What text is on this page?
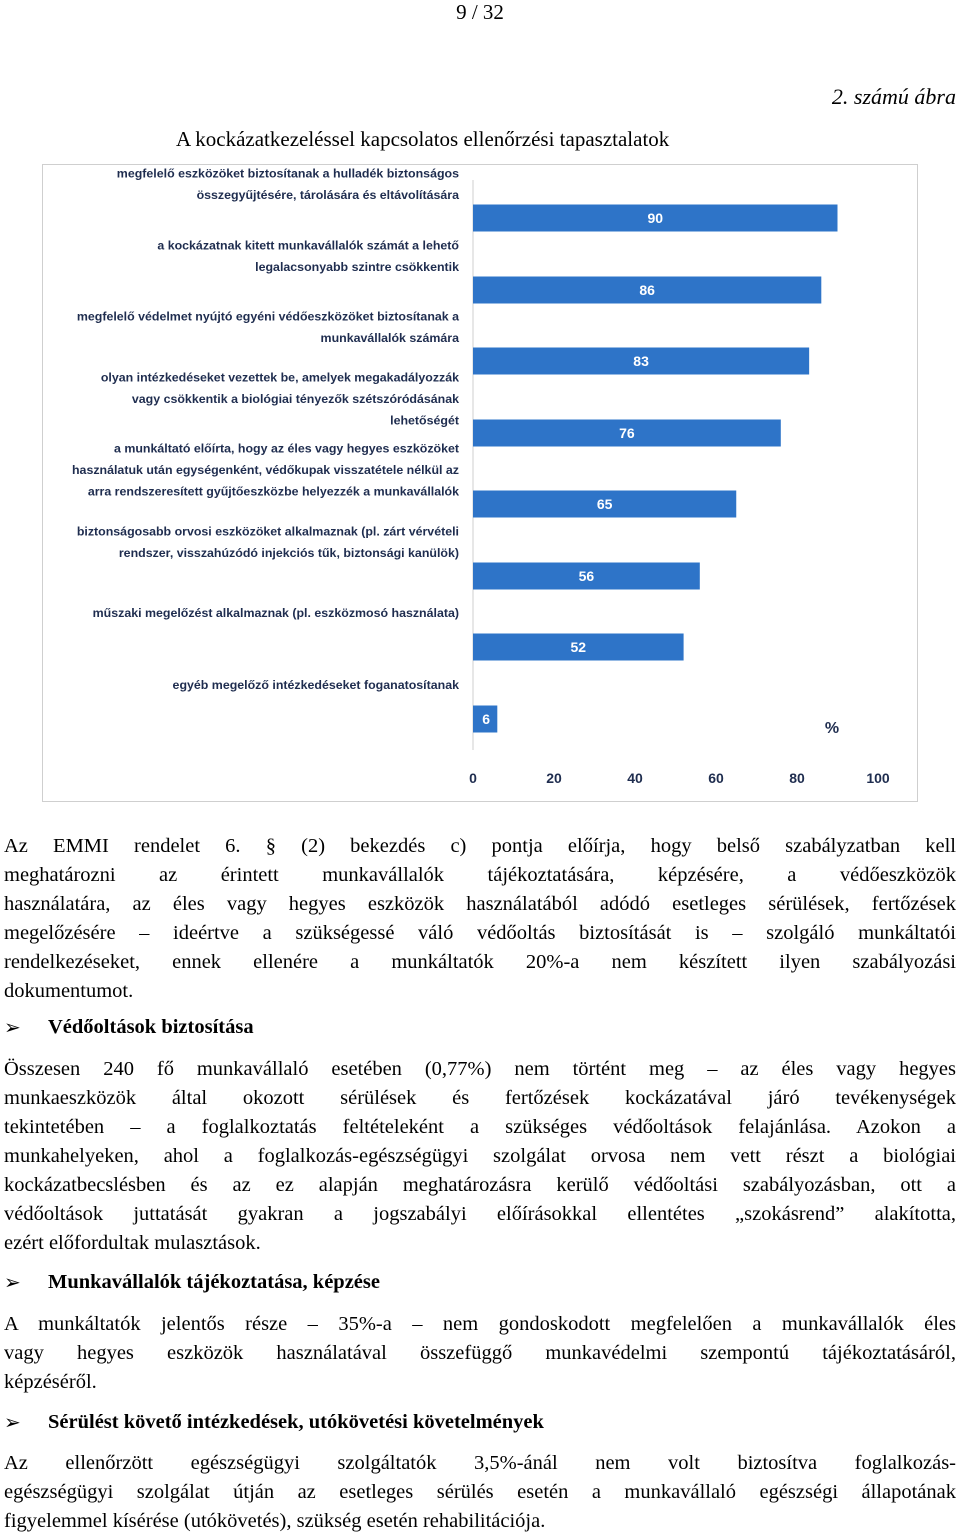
9 / 32
2. számú ábra
A kockázatkezeléssel kapcsolatos ellenőrzési tapasztalatok
90
86
83
76
65
56
52
6
megfelelő eszközöket biztosítanak a hulladék biztonságos
összegyűjtésére, tárolására és eltávolítására
a kockázatnak kitett munkavállalók számát a lehető
legalacsonyabb szintre csökkentik
megfelelő védelmet nyújtó egyéni védőeszközöket biztosítanak a
munkavállalók számára
olyan intézkedéseket vezettek be, amelyek megakadályozzák
vagy csökkentik a biológiai tényezők szétszóródásának
lehetőségét
a munkáltató előírta, hogy az éles vagy hegyes eszközöket
használatuk után egységenként, védőkupak visszatétele nélkül az
arra rendszeresített gyűjtőeszközbe helyezzék a munkavállalók
biztonságosabb orvosi eszközöket alkalmaznak (pl. zárt vérvételi
rendszer, visszahúzódó injekciós tűk, biztonsági kanülök)
műszaki megelőzést alkalmaznak (pl. eszközmosó használata)
egyéb megelőző intézkedéseket foganatosítanak
0	20	40	60	80	100
%

Az EMMI rendelet 6. § (2) bekezdés c) pontja előírja, hogy belső szabályzatban kell

meghatározni az érintett munkavállalók tájékoztatására, képzésére, a védőeszközök

használatára, az éles vagy hegyes eszközök használatából adódó esetleges sérülések, fertőzések

megelőzésére – ideértve a szükségessé váló védőoltás biztosítását is – szolgáló munkáltatói

rendelkezéseket, ennek ellenére a munkáltatók 20%-a nem készített ilyen szabályozási

dokumentumot.

➢	Védőoltások biztosítása

Összesen 240 fő munkavállaló esetében (0,77%) nem történt meg – az éles vagy hegyes

munkaeszközök által okozott sérülések és fertőzések kockázatával járó tevékenységek

tekintetében – a foglalkoztatás feltételeként a szükséges védőoltások felajánlása. Azokon a

munkahelyeken, ahol a foglalkozás-egészségügyi szolgálat orvosa nem vett részt a biológiai

kockázatbecslésben és az ez alapján meghatározásra kerülő védőoltási szabályozásban, ott a

védőoltások juttatását gyakran a jogszabályi előírásokkal ellentétes „szokásrend” alakította,

ezért előfordultak mulasztások.

➢	Munkavállalók tájékoztatása, képzése

A munkáltatók jelentős része – 35%-a – nem gondoskodott megfelelően a munkavállalók éles

vagy hegyes eszközök használatával összefüggő munkavédelmi szempontú tájékoztatásáról,

képzéséről.

➢	Sérülést követő intézkedések, utókövetési követelmények

Az ellenőrzött egészségügyi szolgáltatók 3,5%-ánál nem volt biztosítva foglalkozás-

egészségügyi szolgálat útján az esetleges sérülés esetén a munkavállaló egészségi állapotának

figyelemmel kísérése (utókövetés), szükség esetén rehabilitációja.
